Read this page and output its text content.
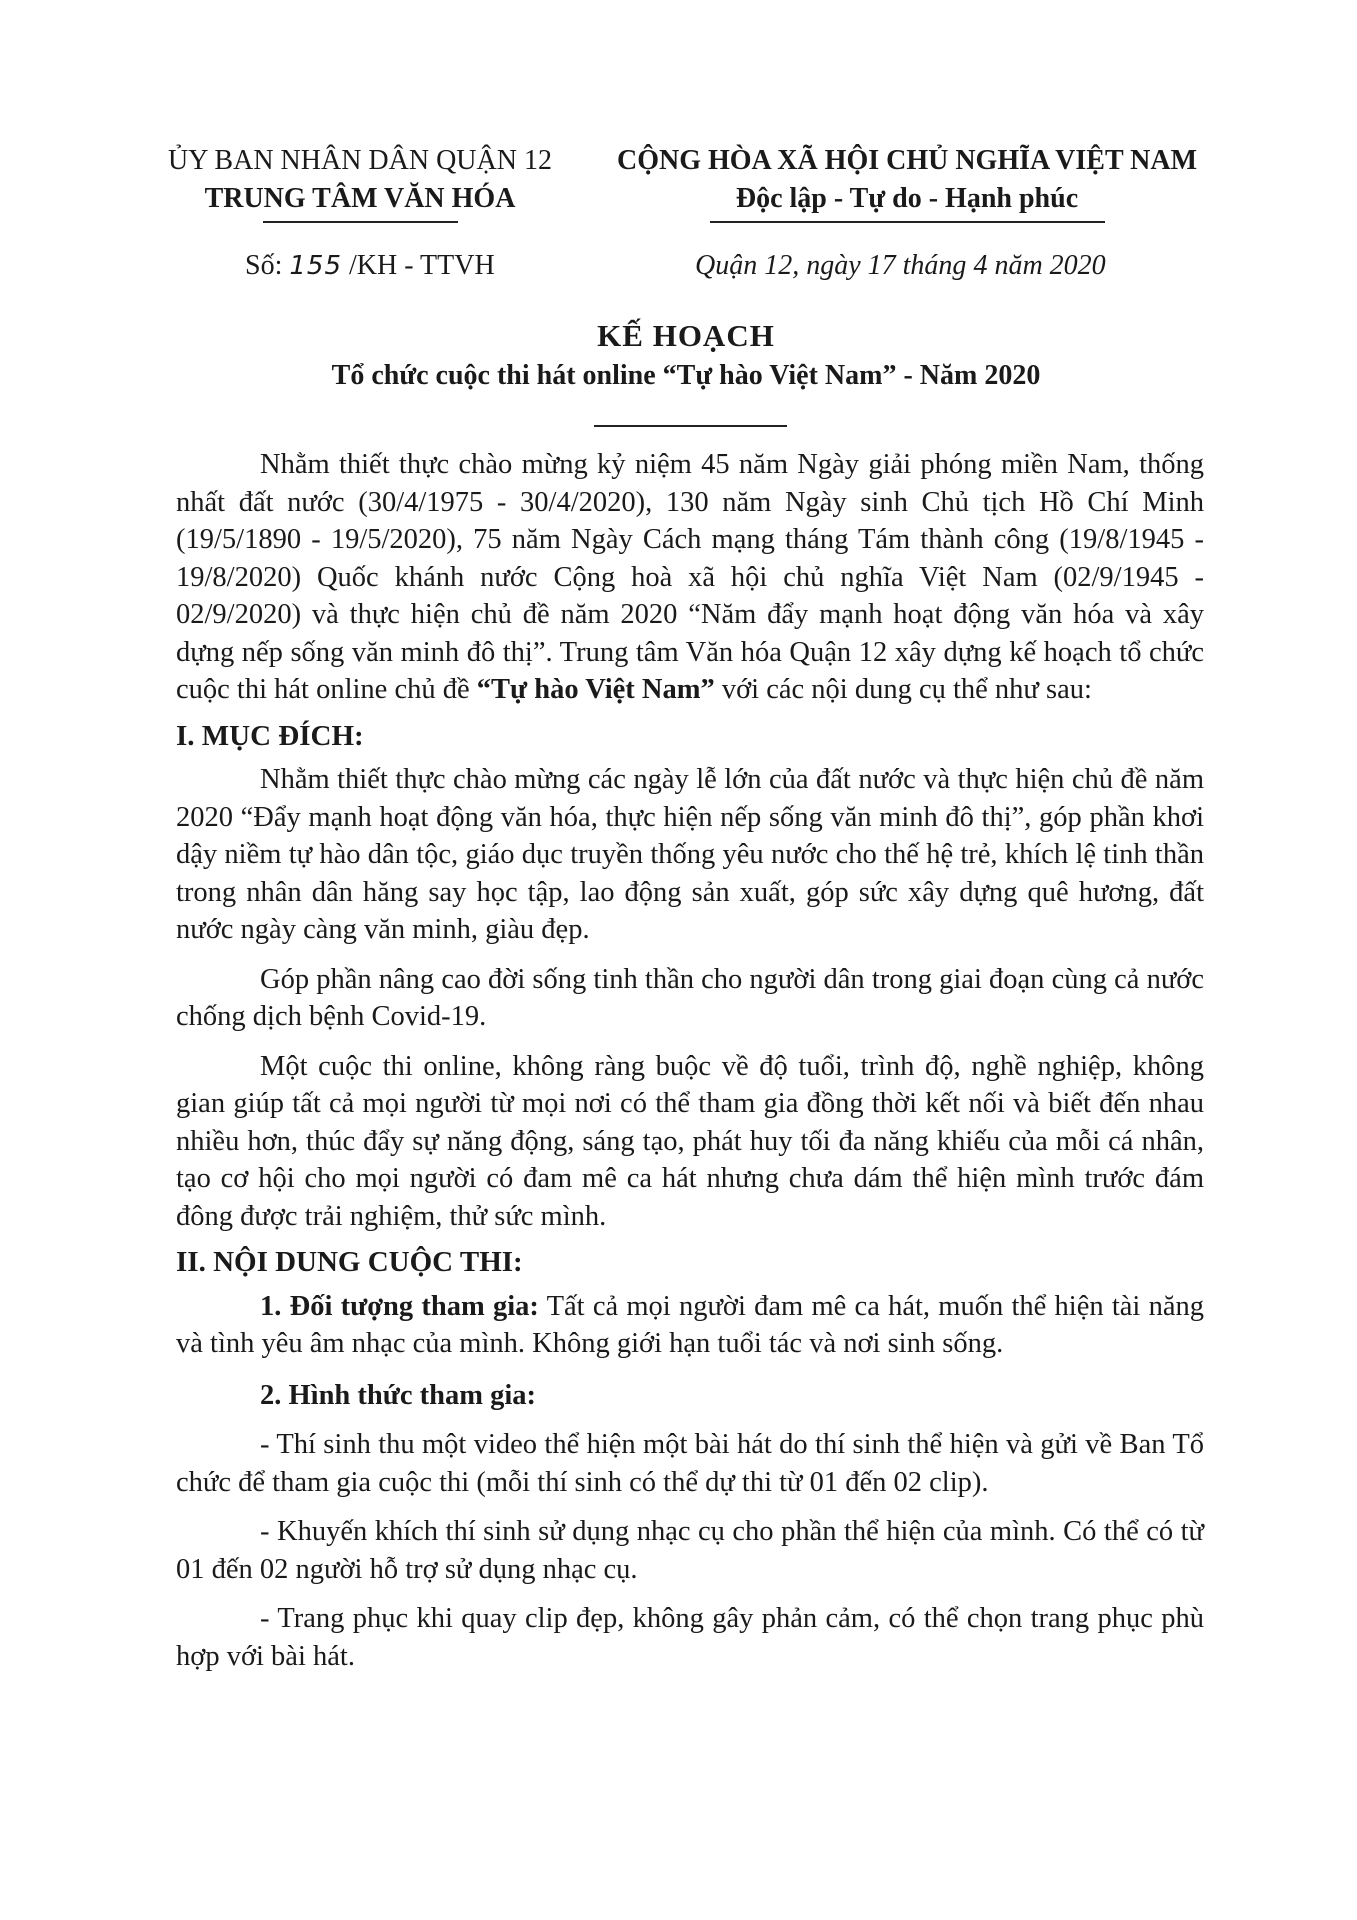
ỦY BAN NHÂN DÂN QUẬN 12
TRUNG TÂM VĂN HÓA
CỘNG HÒA XÃ HỘI CHỦ NGHĨA VIỆT NAM
Độc lập - Tự do - Hạnh phúc
Số: 155 /KH - TTVH	Quận 12, ngày 17 tháng 4 năm 2020
KẾ HOẠCH
Tổ chức cuộc thi hát online “Tự hào Việt Nam” - Năm 2020

Nhằm thiết thực chào mừng kỷ niệm 45 năm Ngày giải phóng miền Nam, thống nhất đất nước (30/4/1975 - 30/4/2020), 130 năm Ngày sinh Chủ tịch Hồ Chí Minh (19/5/1890 - 19/5/2020), 75 năm Ngày Cách mạng tháng Tám thành công (19/8/1945 - 19/8/2020) Quốc khánh nước Cộng hoà xã hội chủ nghĩa Việt Nam (02/9/1945 - 02/9/2020) và thực hiện chủ đề năm 2020 “Năm đẩy mạnh hoạt động văn hóa và xây dựng nếp sống văn minh đô thị”. Trung tâm Văn hóa Quận 12 xây dựng kế hoạch tổ chức cuộc thi hát online chủ đề “Tự hào Việt Nam” với các nội dung cụ thể như sau:

I. MỤC ĐÍCH:

Nhằm thiết thực chào mừng các ngày lễ lớn của đất nước và thực hiện chủ đề năm 2020 “Đẩy mạnh hoạt động văn hóa, thực hiện nếp sống văn minh đô thị”, góp phần khơi dậy niềm tự hào dân tộc, giáo dục truyền thống yêu nước cho thế hệ trẻ, khích lệ tinh thần trong nhân dân hăng say học tập, lao động sản xuất, góp sức xây dựng quê hương, đất nước ngày càng văn minh, giàu đẹp.

Góp phần nâng cao đời sống tinh thần cho người dân trong giai đoạn cùng cả nước chống dịch bệnh Covid-19.

Một cuộc thi online, không ràng buộc về độ tuổi, trình độ, nghề nghiệp, không gian giúp tất cả mọi người từ mọi nơi có thể tham gia đồng thời kết nối và biết đến nhau nhiều hơn, thúc đẩy sự năng động, sáng tạo, phát huy tối đa năng khiếu của mỗi cá nhân, tạo cơ hội cho mọi người có đam mê ca hát nhưng chưa dám thể hiện mình trước đám đông được trải nghiệm, thử sức mình.

II. NỘI DUNG CUỘC THI:

1. Đối tượng tham gia: Tất cả mọi người đam mê ca hát, muốn thể hiện tài năng và tình yêu âm nhạc của mình. Không giới hạn tuổi tác và nơi sinh sống.

2. Hình thức tham gia:

- Thí sinh thu một video thể hiện một bài hát do thí sinh thể hiện và gửi về Ban Tổ chức để tham gia cuộc thi (mỗi thí sinh có thể dự thi từ 01 đến 02 clip).

- Khuyến khích thí sinh sử dụng nhạc cụ cho phần thể hiện của mình. Có thể có từ 01 đến 02 người hỗ trợ sử dụng nhạc cụ.

- Trang phục khi quay clip đẹp, không gây phản cảm, có thể chọn trang phục phù hợp với bài hát.
